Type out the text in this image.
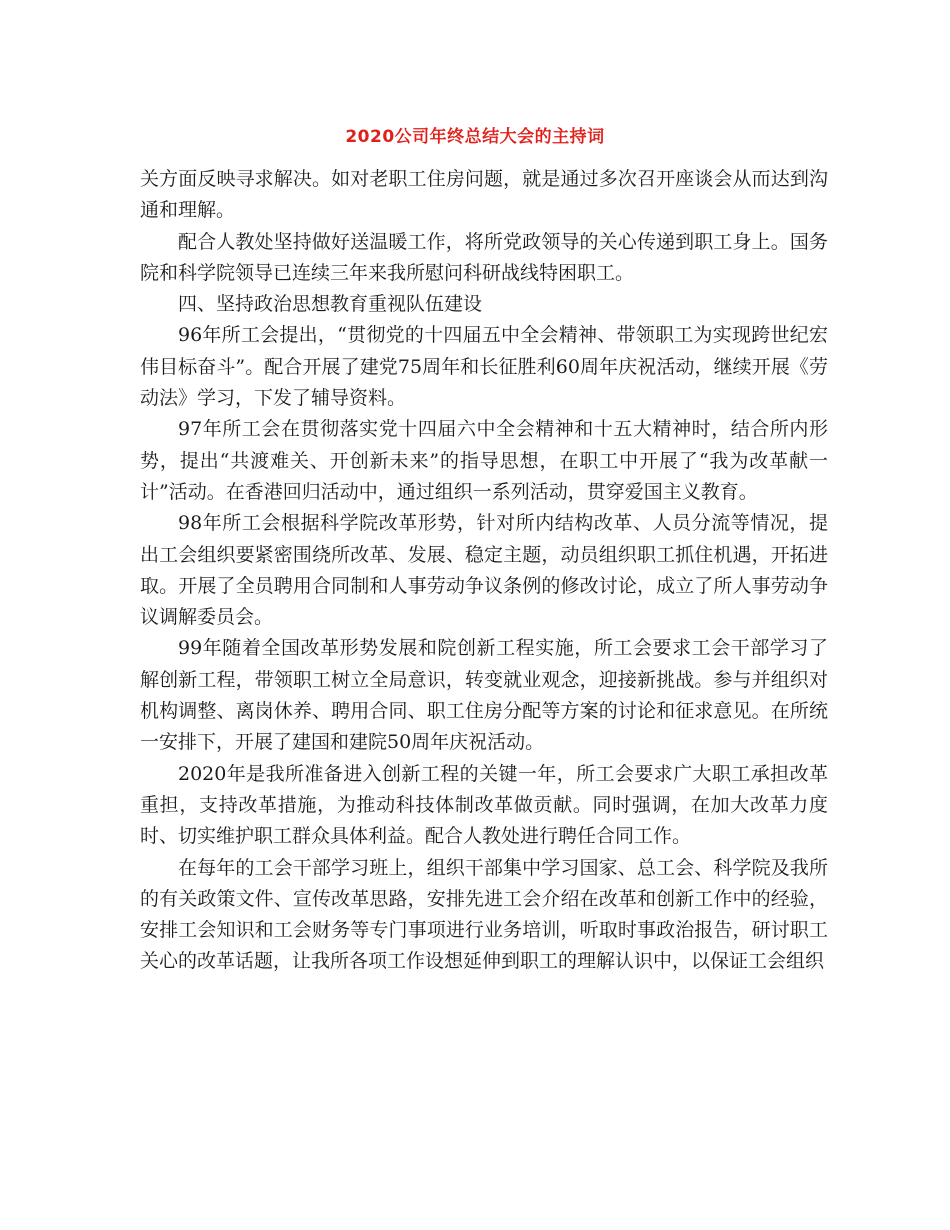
2020公司年终总结大会的主持词

关方面反映寻求解决。如对老职工住房问题，就是通过多次召开座谈会从而达到沟通和理解。

配合人教处坚持做好送温暖工作，将所党政领导的关心传递到职工身上。国务院和科学院领导已连续三年来我所慰问科研战线特困职工。

四、坚持政治思想教育重视队伍建设

96年所工会提出，“贯彻党的十四届五中全会精神、带领职工为实现跨世纪宏伟目标奋斗”。配合开展了建党75周年和长征胜利60周年庆祝活动，继续开展《劳动法》学习，下发了辅导资料。

97年所工会在贯彻落实党十四届六中全会精神和十五大精神时，结合所内形势，提出“共渡难关、开创新未来”的指导思想，在职工中开展了“我为改革献一计”活动。在香港回归活动中，通过组织一系列活动，贯穿爱国主义教育。

98年所工会根据科学院改革形势，针对所内结构改革、人员分流等情况，提出工会组织要紧密围绕所改革、发展、稳定主题，动员组织职工抓住机遇，开拓进取。开展了全员聘用合同制和人事劳动争议条例的修改讨论，成立了所人事劳动争议调解委员会。

99年随着全国改革形势发展和院创新工程实施，所工会要求工会干部学习了解创新工程，带领职工树立全局意识，转变就业观念，迎接新挑战。参与并组织对机构调整、离岗休养、聘用合同、职工住房分配等方案的讨论和征求意见。在所统一安排下，开展了建国和建院50周年庆祝活动。

2020年是我所准备进入创新工程的关键一年，所工会要求广大职工承担改革重担，支持改革措施，为推动科技体制改革做贡献。同时强调，在加大改革力度时、切实维护职工群众具体利益。配合人教处进行聘任合同工作。

在每年的工会干部学习班上，组织干部集中学习国家、总工会、科学院及我所的有关政策文件、宣传改革思路，安排先进工会介绍在改革和创新工作中的经验，安排工会知识和工会财务等专门事项进行业务培训，听取时事政治报告，研讨职工关心的改革话题，让我所各项工作设想延伸到职工的理解认识中，以保证工会组织
